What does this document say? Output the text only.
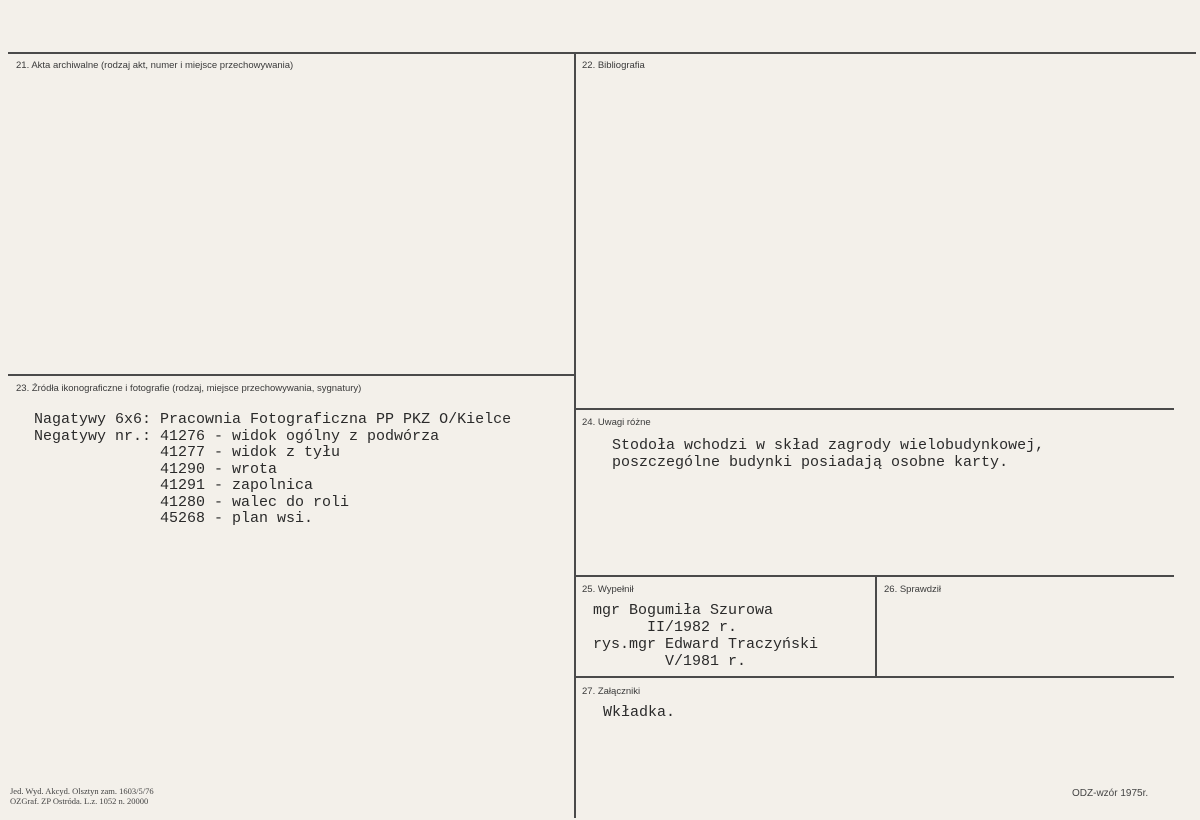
21. Akta archiwalne (rodzaj akt, numer i miejsce przechowywania)	22. Bibliografia
23. Źródła ikonograficzne i fotografie (rodzaj, miejsce przechowywania, sygnatury)
Nagatywy 6x6: Pracownia Fotograficzna PP PKZ O/Kielce
Negatywy nr.: 41276 - widok ogólny z podwórza
41277 - widok z tyłu
41290 - wrota
41291 - zapolnica
41280 - walec do roli
45268 - plan wsi.
24. Uwagi różne
Stodoła wchodzi w skład zagrody wielobudynkowej,
poszczególne budynki posiadają osobne karty.
25. Wypełnił
mgr Bogumiła Szurowa
II/1982 r.
rys.mgr Edward Traczyński
V/1981 r.
26. Sprawdził
27. Załączniki
Wkładka.
Jed. Wyd. Akcyd. Olsztyn zam. 1603/5/76
OZGraf. ZP Ostróda. L.z. 1052 n. 20000
ODZ-wzór 1975r.
